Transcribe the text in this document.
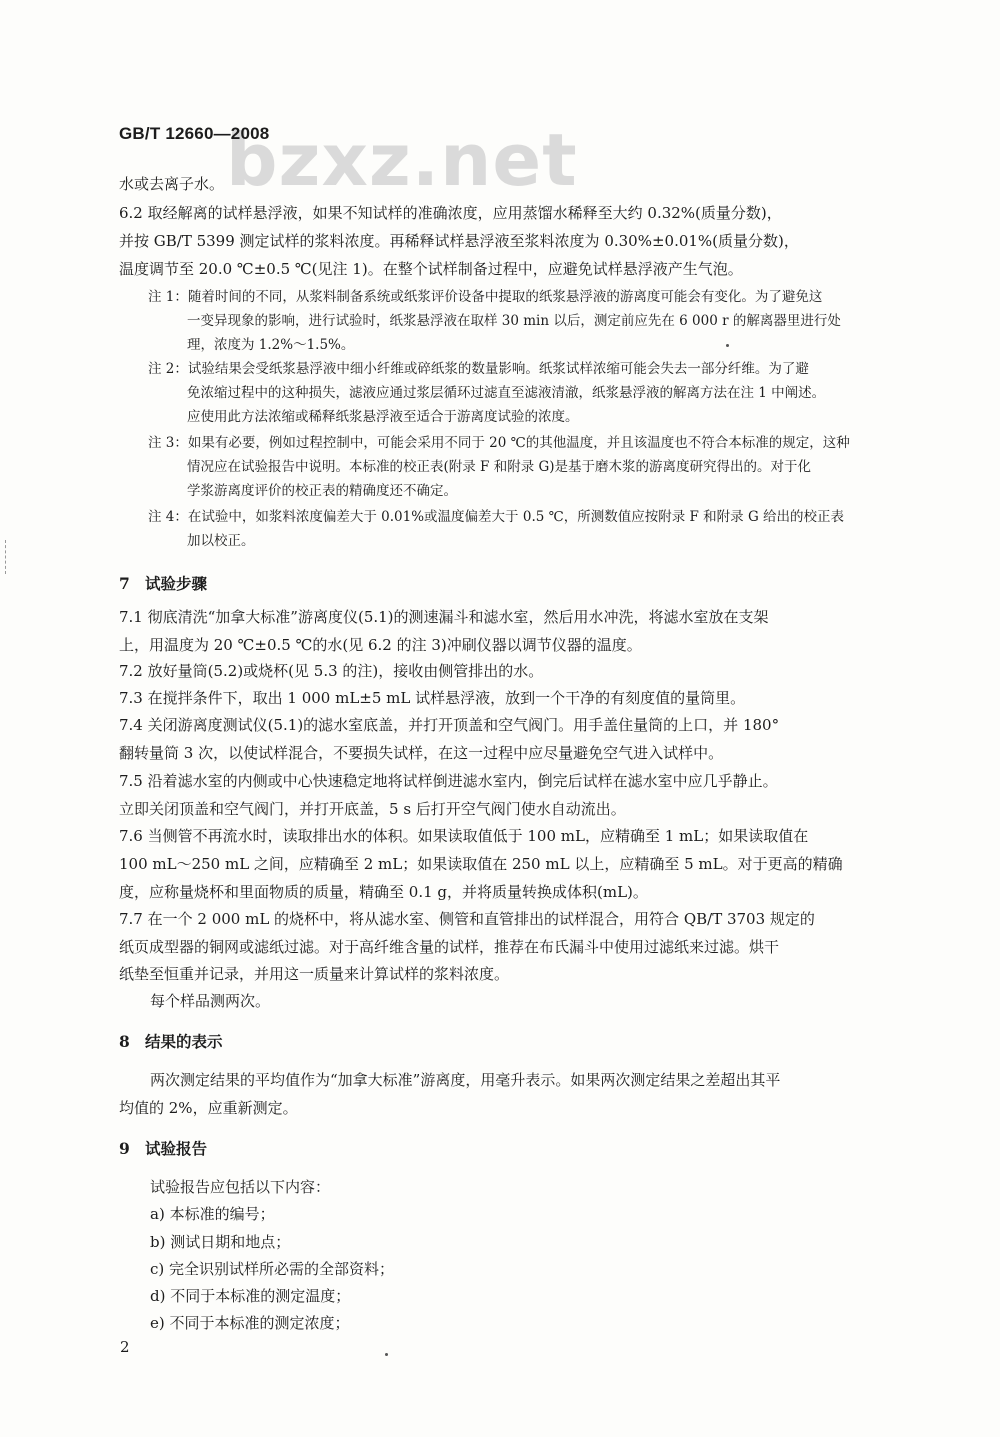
bzxz.net
GB/T 12660—2008
水或去离子水。
6.2 取经解离的试样悬浮液，如果不知试样的准确浓度，应用蒸馏水稀释至大约 0.32%(质量分数)，
并按 GB/T 5399 测定试样的浆料浓度。再稀释试样悬浮液至浆料浓度为 0.30%±0.01%(质量分数)，
温度调节至 20.0 ℃±0.5 ℃(见注 1)。在整个试样制备过程中，应避免试样悬浮液产生气泡。
注 1：随着时间的不同，从浆料制备系统或纸浆评价设备中提取的纸浆悬浮液的游离度可能会有变化。为了避免这
一变异现象的影响，进行试验时，纸浆悬浮液在取样 30 min 以后，测定前应先在 6 000 r 的解离器里进行处
理，浓度为 1.2%～1.5%。
注 2：试验结果会受纸浆悬浮液中细小纤维或碎纸浆的数量影响。纸浆试样浓缩可能会失去一部分纤维。为了避
免浓缩过程中的这种损失，滤液应通过浆层循环过滤直至滤液清澈，纸浆悬浮液的解离方法在注 1 中阐述。
应使用此方法浓缩或稀释纸浆悬浮液至适合于游离度试验的浓度。
注 3：如果有必要，例如过程控制中，可能会采用不同于 20 ℃的其他温度，并且该温度也不符合本标准的规定，这种
情况应在试验报告中说明。本标准的校正表(附录 F 和附录 G)是基于磨木浆的游离度研究得出的。对于化
学浆游离度评价的校正表的精确度还不确定。
注 4：在试验中，如浆料浓度偏差大于 0.01%或温度偏差大于 0.5 ℃，所测数值应按附录 F 和附录 G 给出的校正表
加以校正。
7 试验步骤
7.1 彻底清洗“加拿大标准”游离度仪(5.1)的测速漏斗和滤水室，然后用水冲洗，将滤水室放在支架
上，用温度为 20 ℃±0.5 ℃的水(见 6.2 的注 3)冲刷仪器以调节仪器的温度。
7.2 放好量筒(5.2)或烧杯(见 5.3 的注)，接收由侧管排出的水。
7.3 在搅拌条件下，取出 1 000 mL±5 mL 试样悬浮液，放到一个干净的有刻度值的量筒里。
7.4 关闭游离度测试仪(5.1)的滤水室底盖，并打开顶盖和空气阀门。用手盖住量筒的上口，并 180°
翻转量筒 3 次，以使试样混合，不要损失试样，在这一过程中应尽量避免空气进入试样中。
7.5 沿着滤水室的内侧或中心快速稳定地将试样倒进滤水室内，倒完后试样在滤水室中应几乎静止。
立即关闭顶盖和空气阀门，并打开底盖，5 s 后打开空气阀门使水自动流出。
7.6 当侧管不再流水时，读取排出水的体积。如果读取值低于 100 mL，应精确至 1 mL；如果读取值在
100 mL～250 mL 之间，应精确至 2 mL；如果读取值在 250 mL 以上，应精确至 5 mL。对于更高的精确
度，应称量烧杯和里面物质的质量，精确至 0.1 g，并将质量转换成体积(mL)。
7.7 在一个 2 000 mL 的烧杯中，将从滤水室、侧管和直管排出的试样混合，用符合 QB/T 3703 规定的
纸页成型器的铜网或滤纸过滤。对于高纤维含量的试样，推荐在布氏漏斗中使用过滤纸来过滤。烘干
纸垫至恒重并记录，并用这一质量来计算试样的浆料浓度。
每个样品测两次。
8 结果的表示
两次测定结果的平均值作为“加拿大标准”游离度，用毫升表示。如果两次测定结果之差超出其平
均值的 2%，应重新测定。
9 试验报告
试验报告应包括以下内容：
a) 本标准的编号；
b) 测试日期和地点；
c) 完全识别试样所必需的全部资料；
d) 不同于本标准的测定温度；
e) 不同于本标准的测定浓度；
2
